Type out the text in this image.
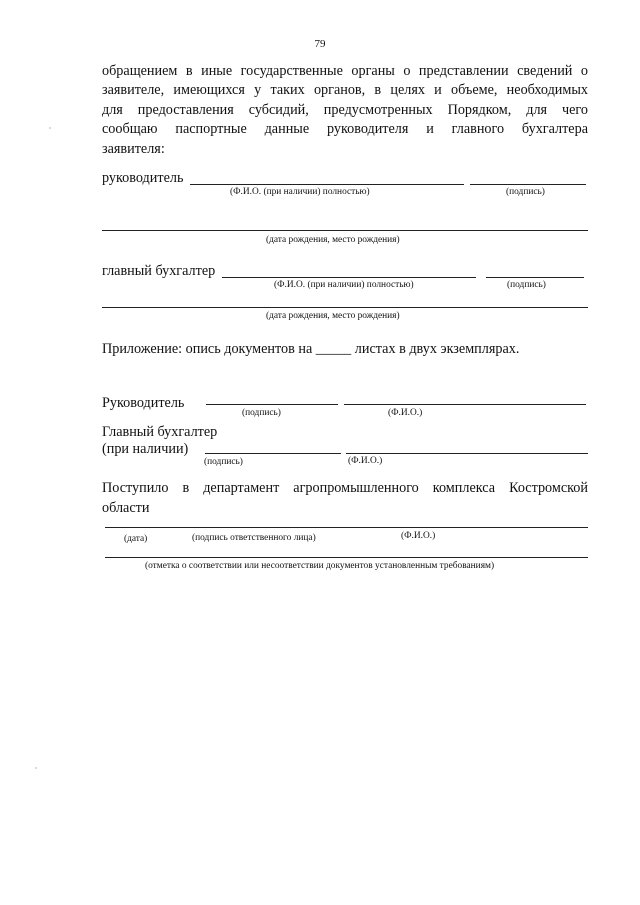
79
обращением в иные государственные органы о представлении сведений о
заявителе, имеющихся у таких органов, в целях и объеме, необходимых
для предоставления субсидий, предусмотренных Порядком, для чего
сообщаю паспортные данные руководителя и главного бухгалтера
заявителя:
руководитель
(Ф.И.О. (при наличии) полностью)	(подпись)
(дата рождения, место рождения)
главный бухгалтер
(Ф.И.О. (при наличии) полностью)	(подпись)
(дата рождения, место рождения)
Приложение: опись документов на _____ листах в двух экземплярах.
Руководитель
(подпись)	(Ф.И.О.)
Главный бухгалтер
(при наличии)
(подпись)	(Ф.И.О.)
Поступило в департамент агропромышленного комплекса Костромской
области
(дата)	(подпись ответственного лица)	(Ф.И.О.)
(отметка о соответствии или несоответствии документов установленным требованиям)
